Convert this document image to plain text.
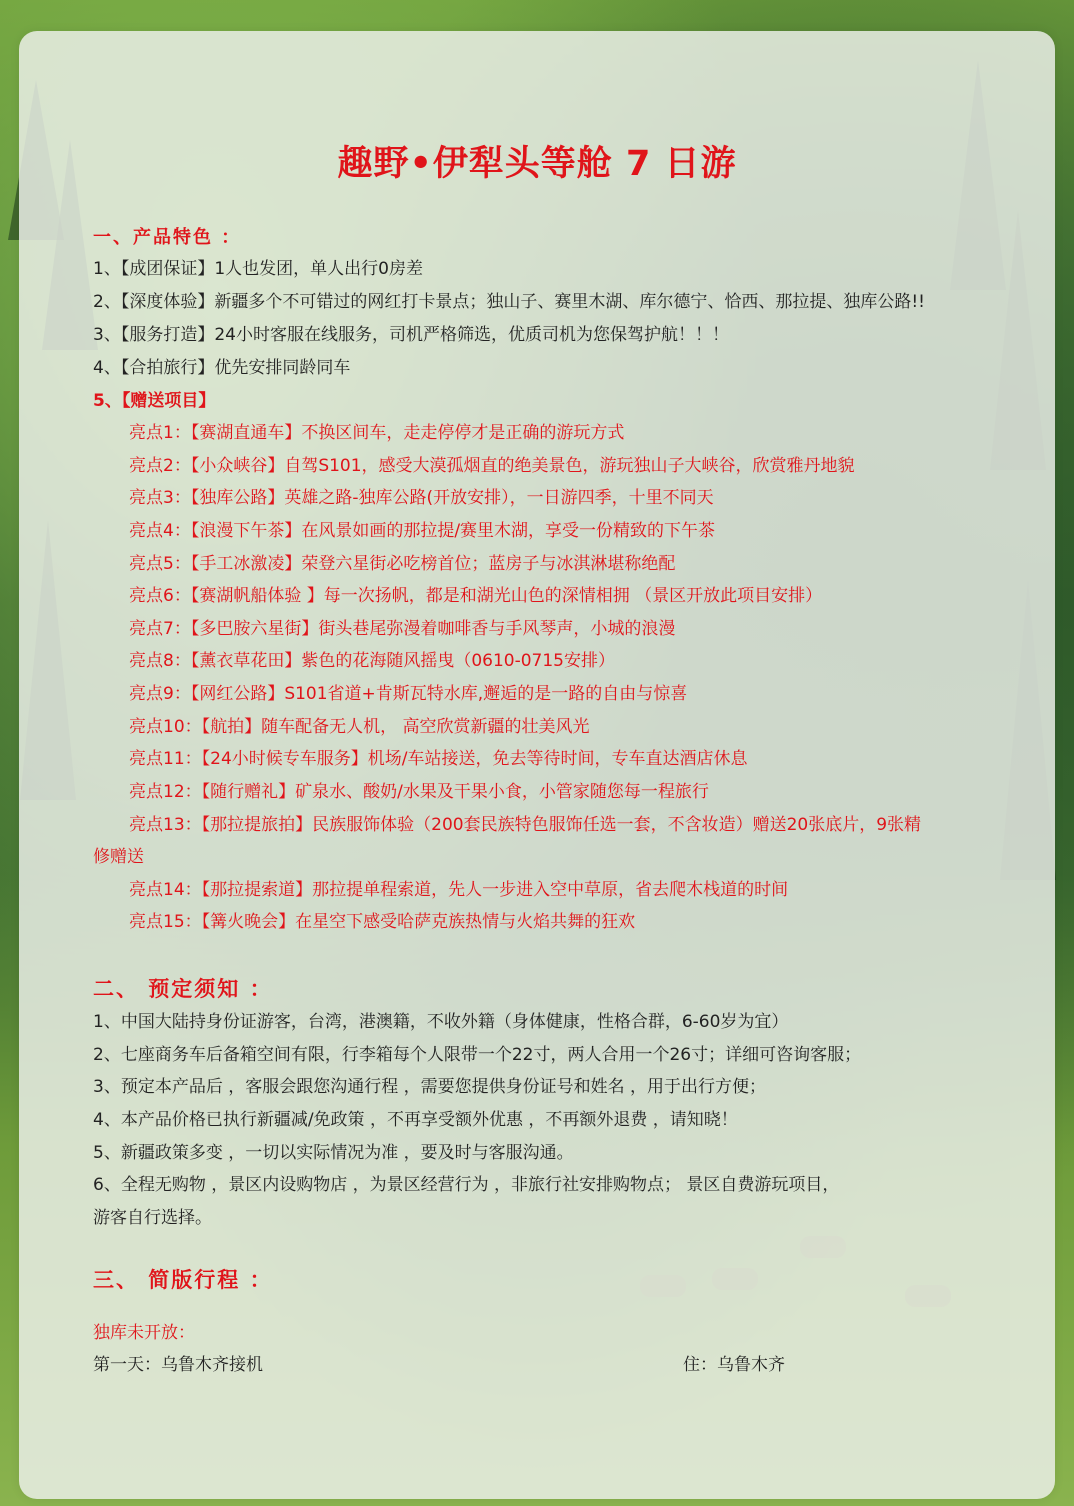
趣野•伊犁头等舱 7 日游
一、产品特色 ：
1、【成团保证】1人也发团，单人出行0房差
2、【深度体验】新疆多个不可错过的网红打卡景点；独山子、赛里木湖、库尔德宁、恰西、那拉提、独库公路!!
3、【服务打造】24小时客服在线服务，司机严格筛选，优质司机为您保驾护航！！！
4、【合拍旅行】优先安排同龄同车
5、【赠送项目】
亮点1：【赛湖直通车】不换区间车，走走停停才是正确的游玩方式
亮点2：【小众峡谷】自驾S101，感受大漠孤烟直的绝美景色，游玩独山子大峡谷，欣赏雅丹地貌
亮点3：【独库公路】英雄之路-独库公路(开放安排），一日游四季，十里不同天
亮点4：【浪漫下午茶】在风景如画的那拉提/赛里木湖，享受一份精致的下午茶
亮点5：【手工冰激凌】荣登六星街必吃榜首位；蓝房子与冰淇淋堪称绝配
亮点6：【赛湖帆船体验 】每一次扬帆，都是和湖光山色的深情相拥 （景区开放此项目安排）
亮点7：【多巴胺六星街】街头巷尾弥漫着咖啡香与手风琴声，小城的浪漫
亮点8：【薰衣草花田】紫色的花海随风摇曳（0610-0715安排）
亮点9：【网红公路】S101省道+肯斯瓦特水库,邂逅的是一路的自由与惊喜
亮点10：【航拍】随车配备无人机， 高空欣赏新疆的壮美风光
亮点11：【24小时候专车服务】机场/车站接送，免去等待时间，专车直达酒店休息
亮点12：【随行赠礼】矿泉水、酸奶/水果及干果小食，小管家随您每一程旅行
亮点13：【那拉提旅拍】民族服饰体验（200套民族特色服饰任选一套，不含妆造）赠送20张底片，9张精
修赠送
亮点14：【那拉提索道】那拉提单程索道，先人一步进入空中草原，省去爬木栈道的时间
亮点15：【篝火晚会】在星空下感受哈萨克族热情与火焰共舞的狂欢
二、 预定须知 ：
1、中国大陆持身份证游客，台湾，港澳籍，不收外籍（身体健康，性格合群，6-60岁为宜）
2、七座商务车后备箱空间有限，行李箱每个人限带一个22寸，两人合用一个26寸；详细可咨询客服；
3、预定本产品后 ，客服会跟您沟通行程 ，需要您提供身份证号和姓名 ，用于出行方便；
4、本产品价格已执行新疆减/免政策 ，不再享受额外优惠 ，不再额外退费 ，请知晓！
5、新疆政策多变 ，一切以实际情况为准 ，要及时与客服沟通。
6、全程无购物 ，景区内设购物店 ，为景区经营行为 ，非旅行社安排购物点； 景区自费游玩项目，
游客自行选择。
三、 简版行程 ：
独库未开放：
第一天：乌鲁木齐接机	住：乌鲁木齐
